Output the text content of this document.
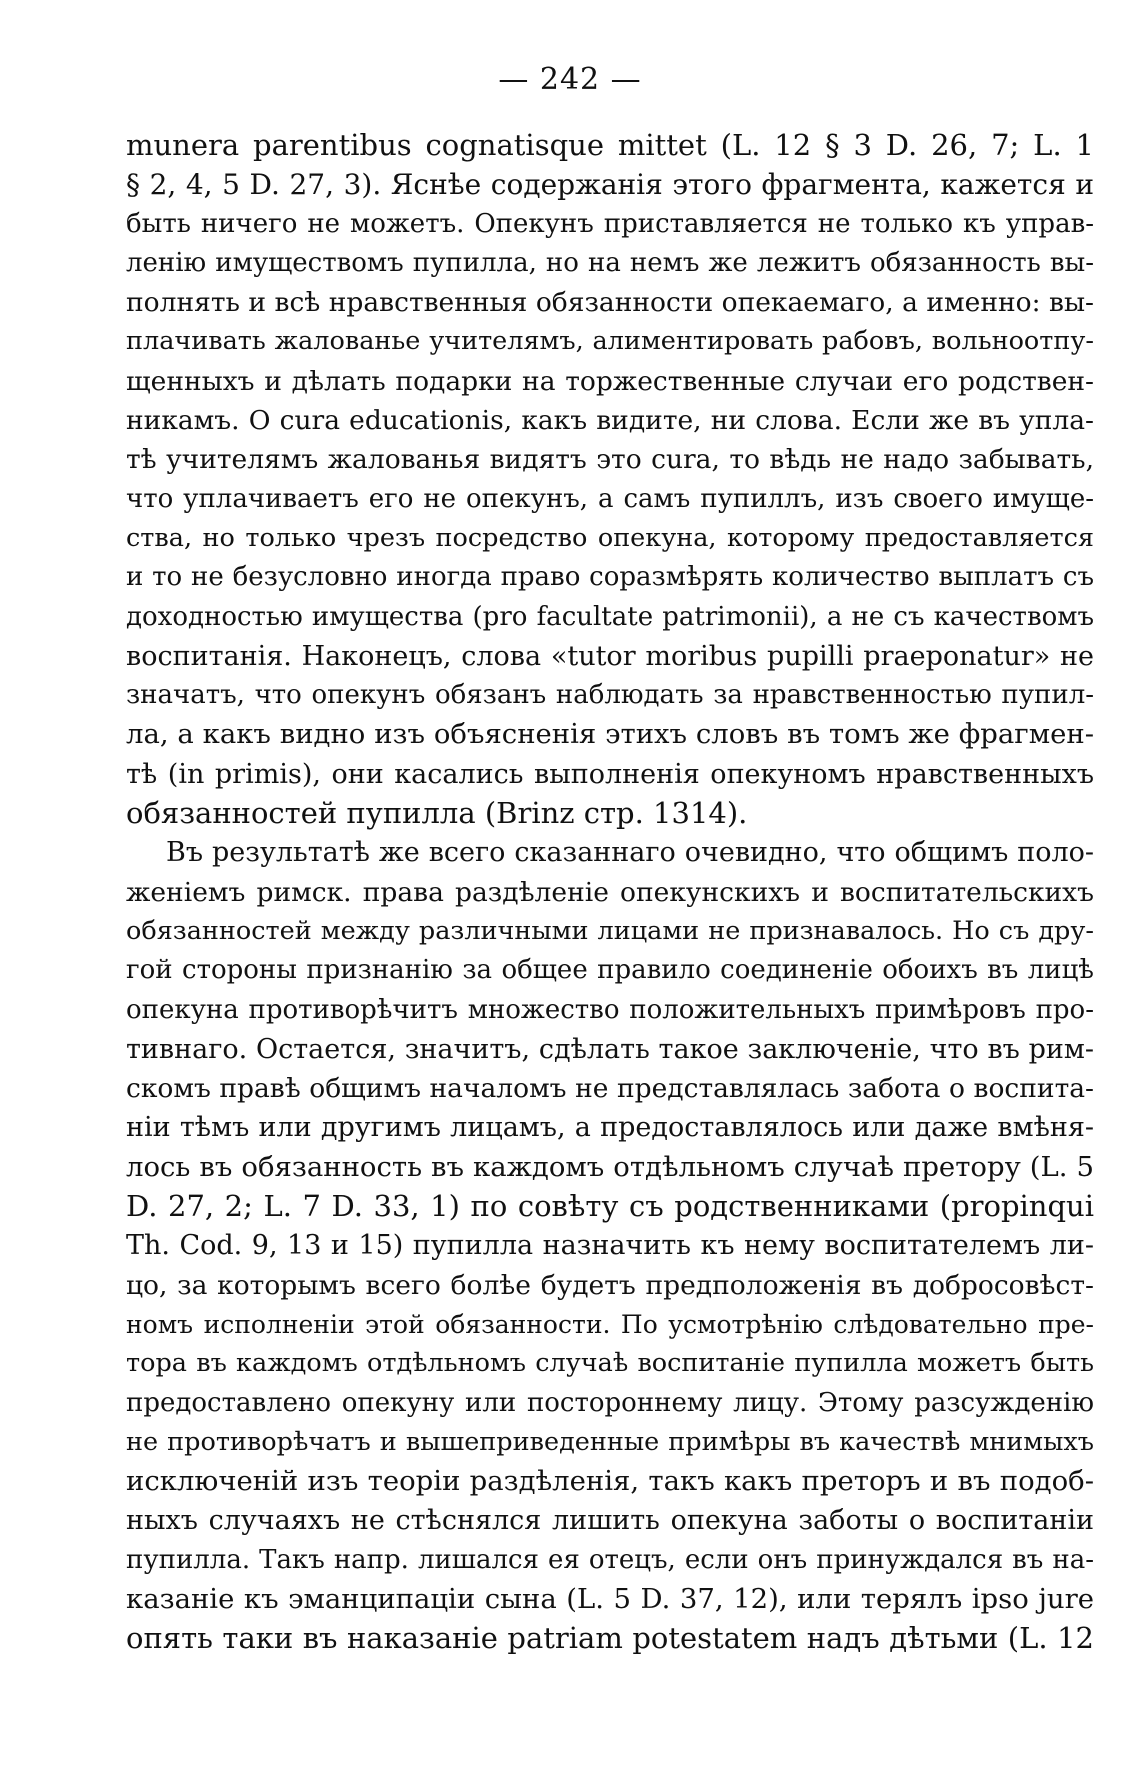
— 242 —
munera parentibus cognatisque mittet (L. 12 § 3 D. 26, 7; L. 1
§ 2, 4, 5 D. 27, 3). Яснѣе содержанія этого фрагмента, кажется и
быть ничего не можетъ. Опекунъ приставляется не только къ управ-
ленію имуществомъ пупилла, но на немъ же лежитъ обязанность вы-
полнять и всѣ нравственныя обязанности опекаемаго, а именно: вы-
плачивать жалованье учителямъ, алиментировать рабовъ, вольноотпу-
щенныхъ и дѣлать подарки на торжественные случаи его родствен-
никамъ. О cura educationis, какъ видите, ни слова. Если же въ упла-
тѣ учителямъ жалованья видятъ это cura, то вѣдь не надо забывать,
что уплачиваетъ его не опекунъ, а самъ пупиллъ, изъ своего имуще-
ства, но только чрезъ посредство опекуна, которому предоставляется
и то не безусловно иногда право соразмѣрять количество выплатъ съ
доходностью имущества (pro facultate patrimonii), а не съ качествомъ
воспитанія. Наконецъ, слова «tutor moribus pupilli praeponatur» не
значатъ, что опекунъ обязанъ наблюдать за нравственностью пупил-
ла, а какъ видно изъ объясненія этихъ словъ въ томъ же фрагмен-
тѣ (in primis), они касались выполненія опекуномъ нравственныхъ
обязанностей пупилла (Brinz стр. 1314).
Въ результатѣ же всего сказаннаго очевидно, что общимъ поло-
женіемъ римск. права раздѣленіе опекунскихъ и воспитательскихъ
обязанностей между различными лицами не признавалось. Но съ дру-
гой стороны признанію за общее правило соединеніе обоихъ въ лицѣ
опекуна противорѣчитъ множество положительныхъ примѣровъ про-
тивнаго. Остается, значитъ, сдѣлать такое заключеніе, что въ рим-
скомъ правѣ общимъ началомъ не представлялась забота о воспита-
ніи тѣмъ или другимъ лицамъ, а предоставлялось или даже вмѣня-
лось въ обязанность въ каждомъ отдѣльномъ случаѣ претору (L. 5
D. 27, 2; L. 7 D. 33, 1) по совѣту съ родственниками (propinqui
Th. Cod. 9, 13 и 15) пупилла назначить къ нему воспитателемъ ли-
цо, за которымъ всего болѣе будетъ предположенія въ добросовѣст-
номъ исполненіи этой обязанности. По усмотрѣнію слѣдовательно пре-
тора въ каждомъ отдѣльномъ случаѣ воспитаніе пупилла можетъ быть
предоставлено опекуну или постороннему лицу. Этому разсужденію
не противорѣчатъ и вышеприведенные примѣры въ качествѣ мнимыхъ
исключеній изъ теоріи раздѣленія, такъ какъ преторъ и въ подоб-
ныхъ случаяхъ не стѣснялся лишить опекуна заботы о воспитаніи
пупилла. Такъ напр. лишался ея отецъ, если онъ принуждался въ на-
казаніе къ эманципаціи сына (L. 5 D. 37, 12), или терялъ ipso jure
опять таки въ наказаніе patriam potestatem надъ дѣтьми (L. 12
